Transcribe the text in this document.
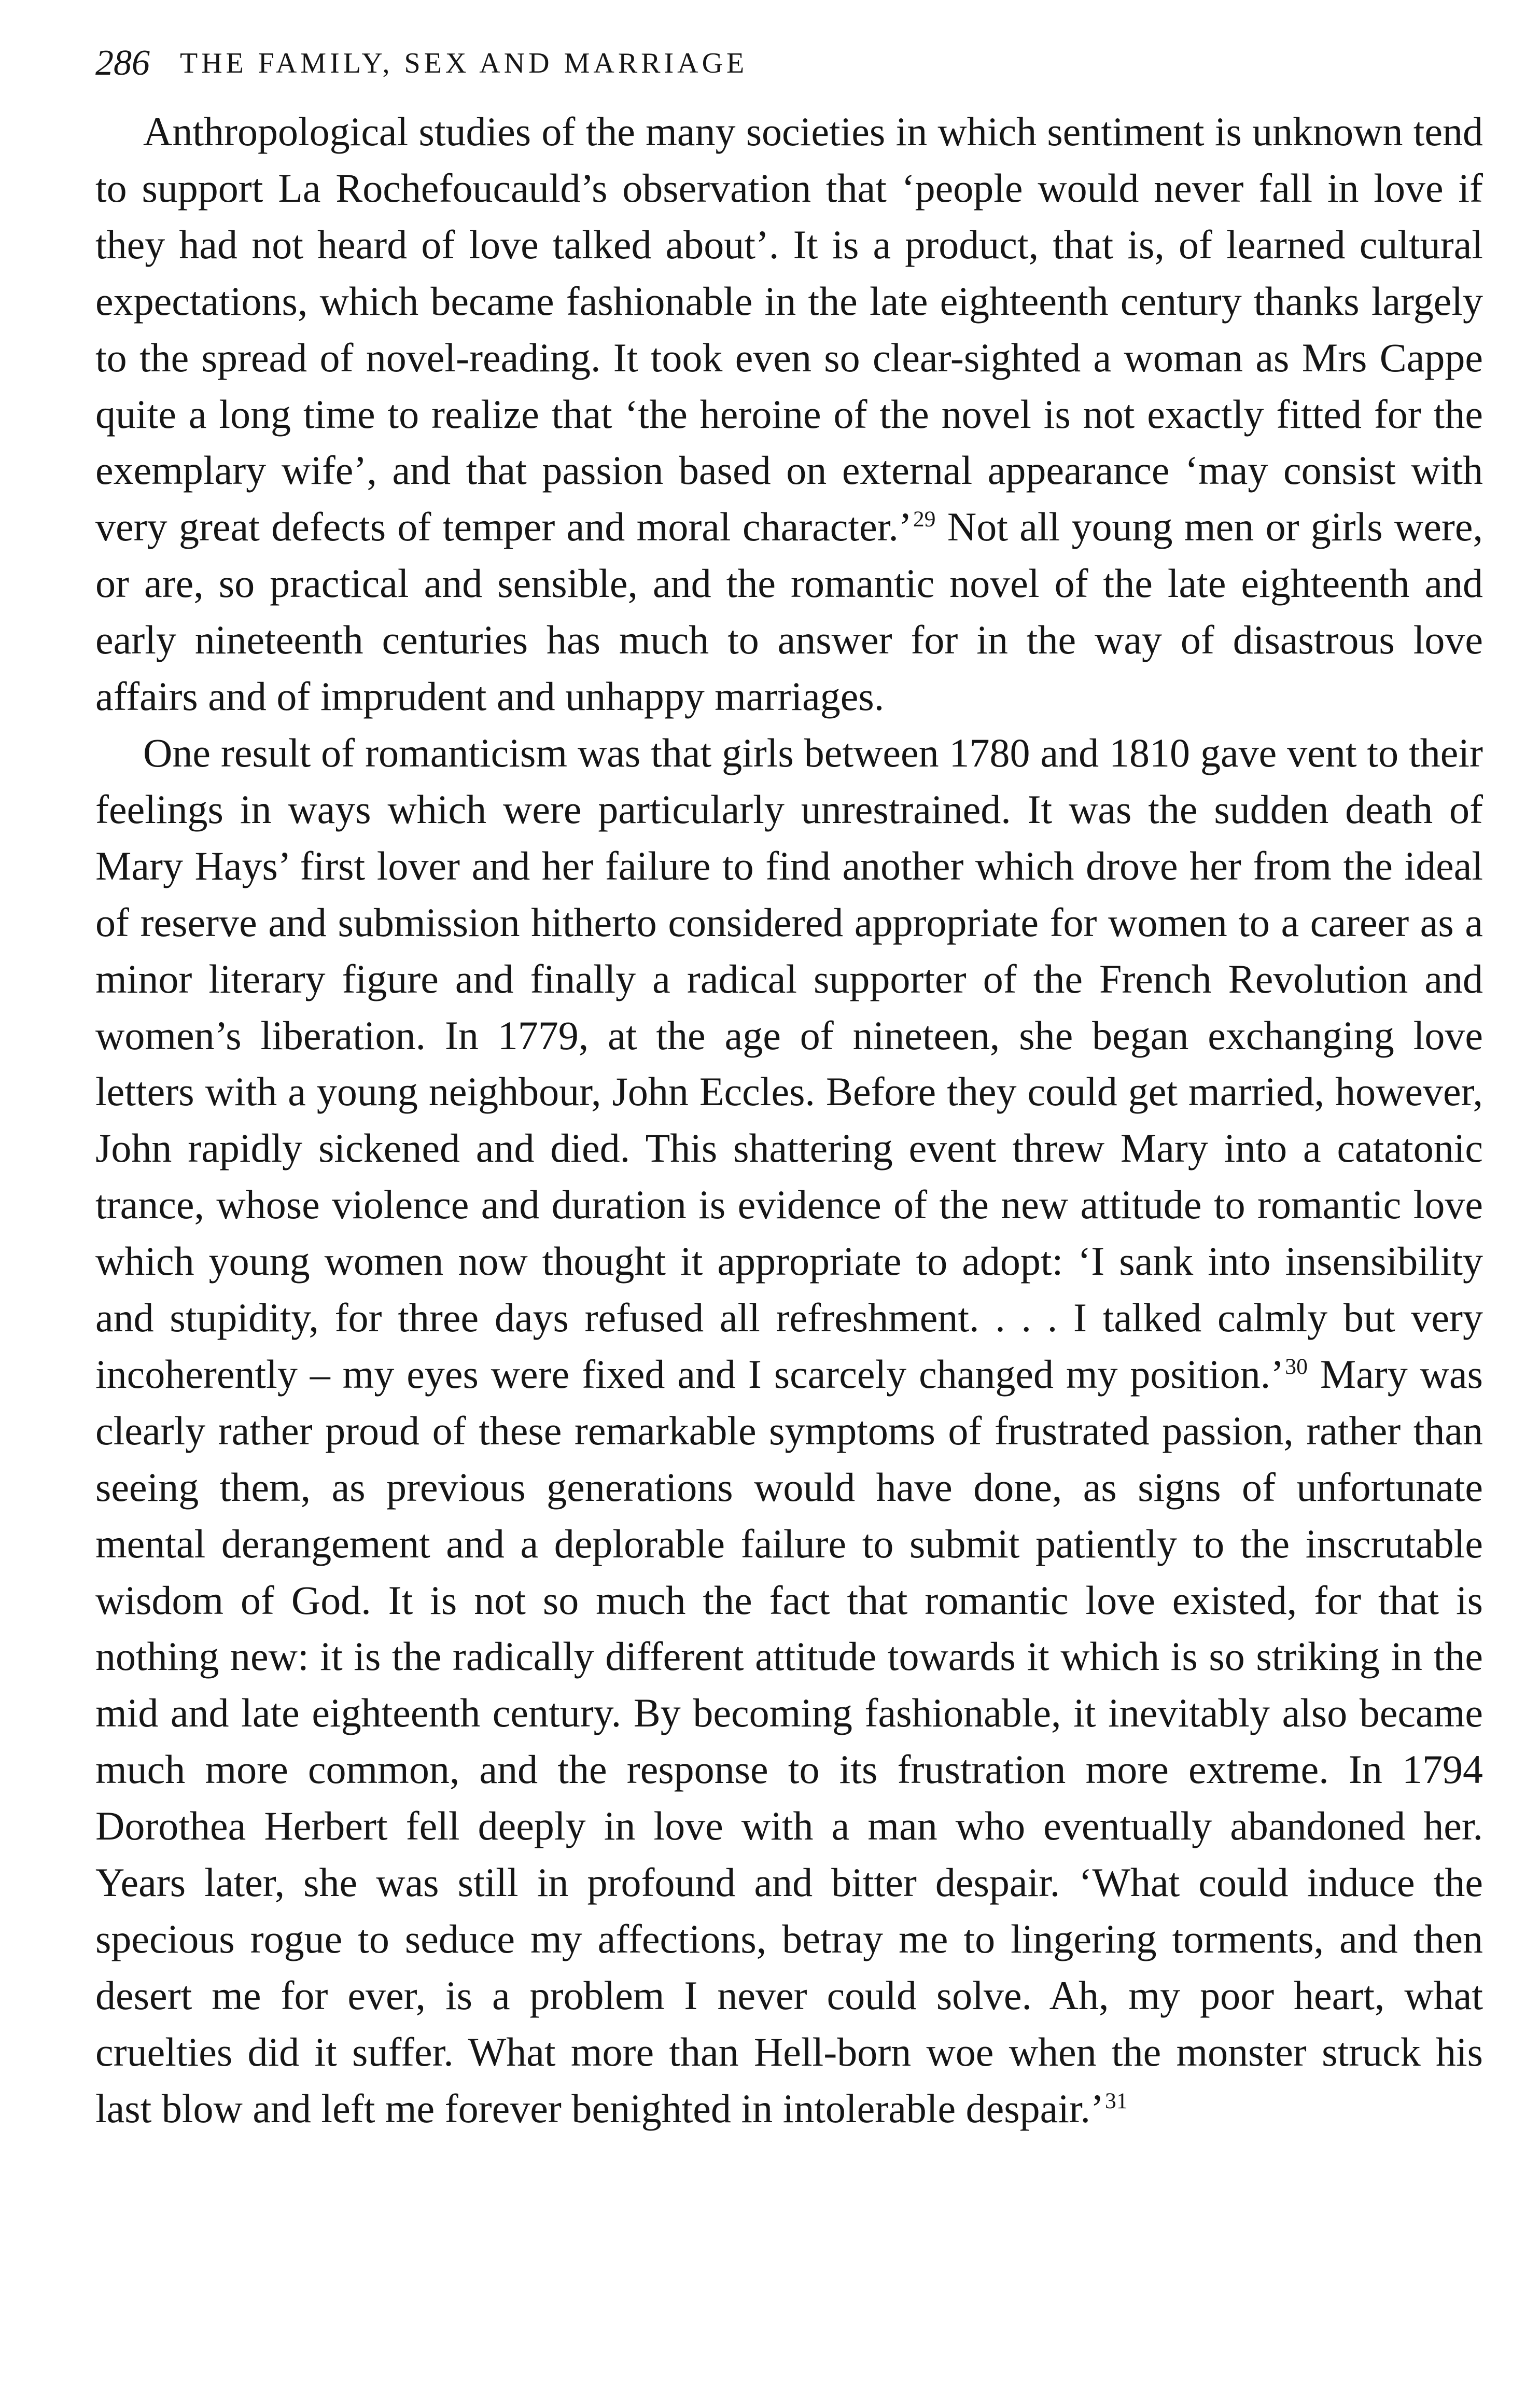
286 THE FAMILY, SEX AND MARRIAGE

Anthropological studies of the many societies in which sentiment is unknown tend to support La Rochefoucauld’s observation that ‘people would never fall in love if they had not heard of love talked about’. It is a product, that is, of learned cultural expectations, which became fashionable in the late eighteenth century thanks largely to the spread of novel-reading. It took even so clear-sighted a woman as Mrs Cappe quite a long time to realize that ‘the heroine of the novel is not exactly fitted for the exemplary wife’, and that passion based on external appearance ‘may consist with very great defects of temper and moral character.’$^{29}$ Not all young men or girls were, or are, so practical and sensible, and the romantic novel of the late eighteenth and early nineteenth centuries has much to answer for in the way of disastrous love affairs and of imprudent and unhappy marriages.

One result of romanticism was that girls between 1780 and 1810 gave vent to their feelings in ways which were particularly unrestrained. It was the sudden death of Mary Hays’ first lover and her failure to find another which drove her from the ideal of reserve and submission hitherto considered appropriate for women to a career as a minor literary figure and finally a radical supporter of the French Revolution and women’s liberation. In 1779, at the age of nineteen, she began exchanging love letters with a young neighbour, John Eccles. Before they could get married, however, John rapidly sickened and died. This shattering event threw Mary into a catatonic trance, whose violence and duration is evidence of the new attitude to romantic love which young women now thought it appropriate to adopt: ‘I sank into insensibility and stupidity, for three days refused all refreshment. . . . I talked calmly but very incoherently – my eyes were fixed and I scarcely changed my position.’$^{30}$ Mary was clearly rather proud of these remarkable symptoms of frustrated passion, rather than seeing them, as previous generations would have done, as signs of unfortunate mental derangement and a deplorable failure to submit patiently to the inscrutable wisdom of God. It is not so much the fact that romantic love existed, for that is nothing new: it is the radically different attitude towards it which is so striking in the mid and late eighteenth century. By becoming fashionable, it inevitably also became much more common, and the response to its frustration more extreme. In 1794 Dorothea Herbert fell deeply in love with a man who eventually abandoned her. Years later, she was still in profound and bitter despair. ‘What could induce the specious rogue to seduce my affections, betray me to lingering torments, and then desert me for ever, is a problem I never could solve. Ah, my poor heart, what cruelties did it suffer. What more than Hell-born woe when the monster struck his last blow and left me forever benighted in intolerable despair.’$^{31}$
